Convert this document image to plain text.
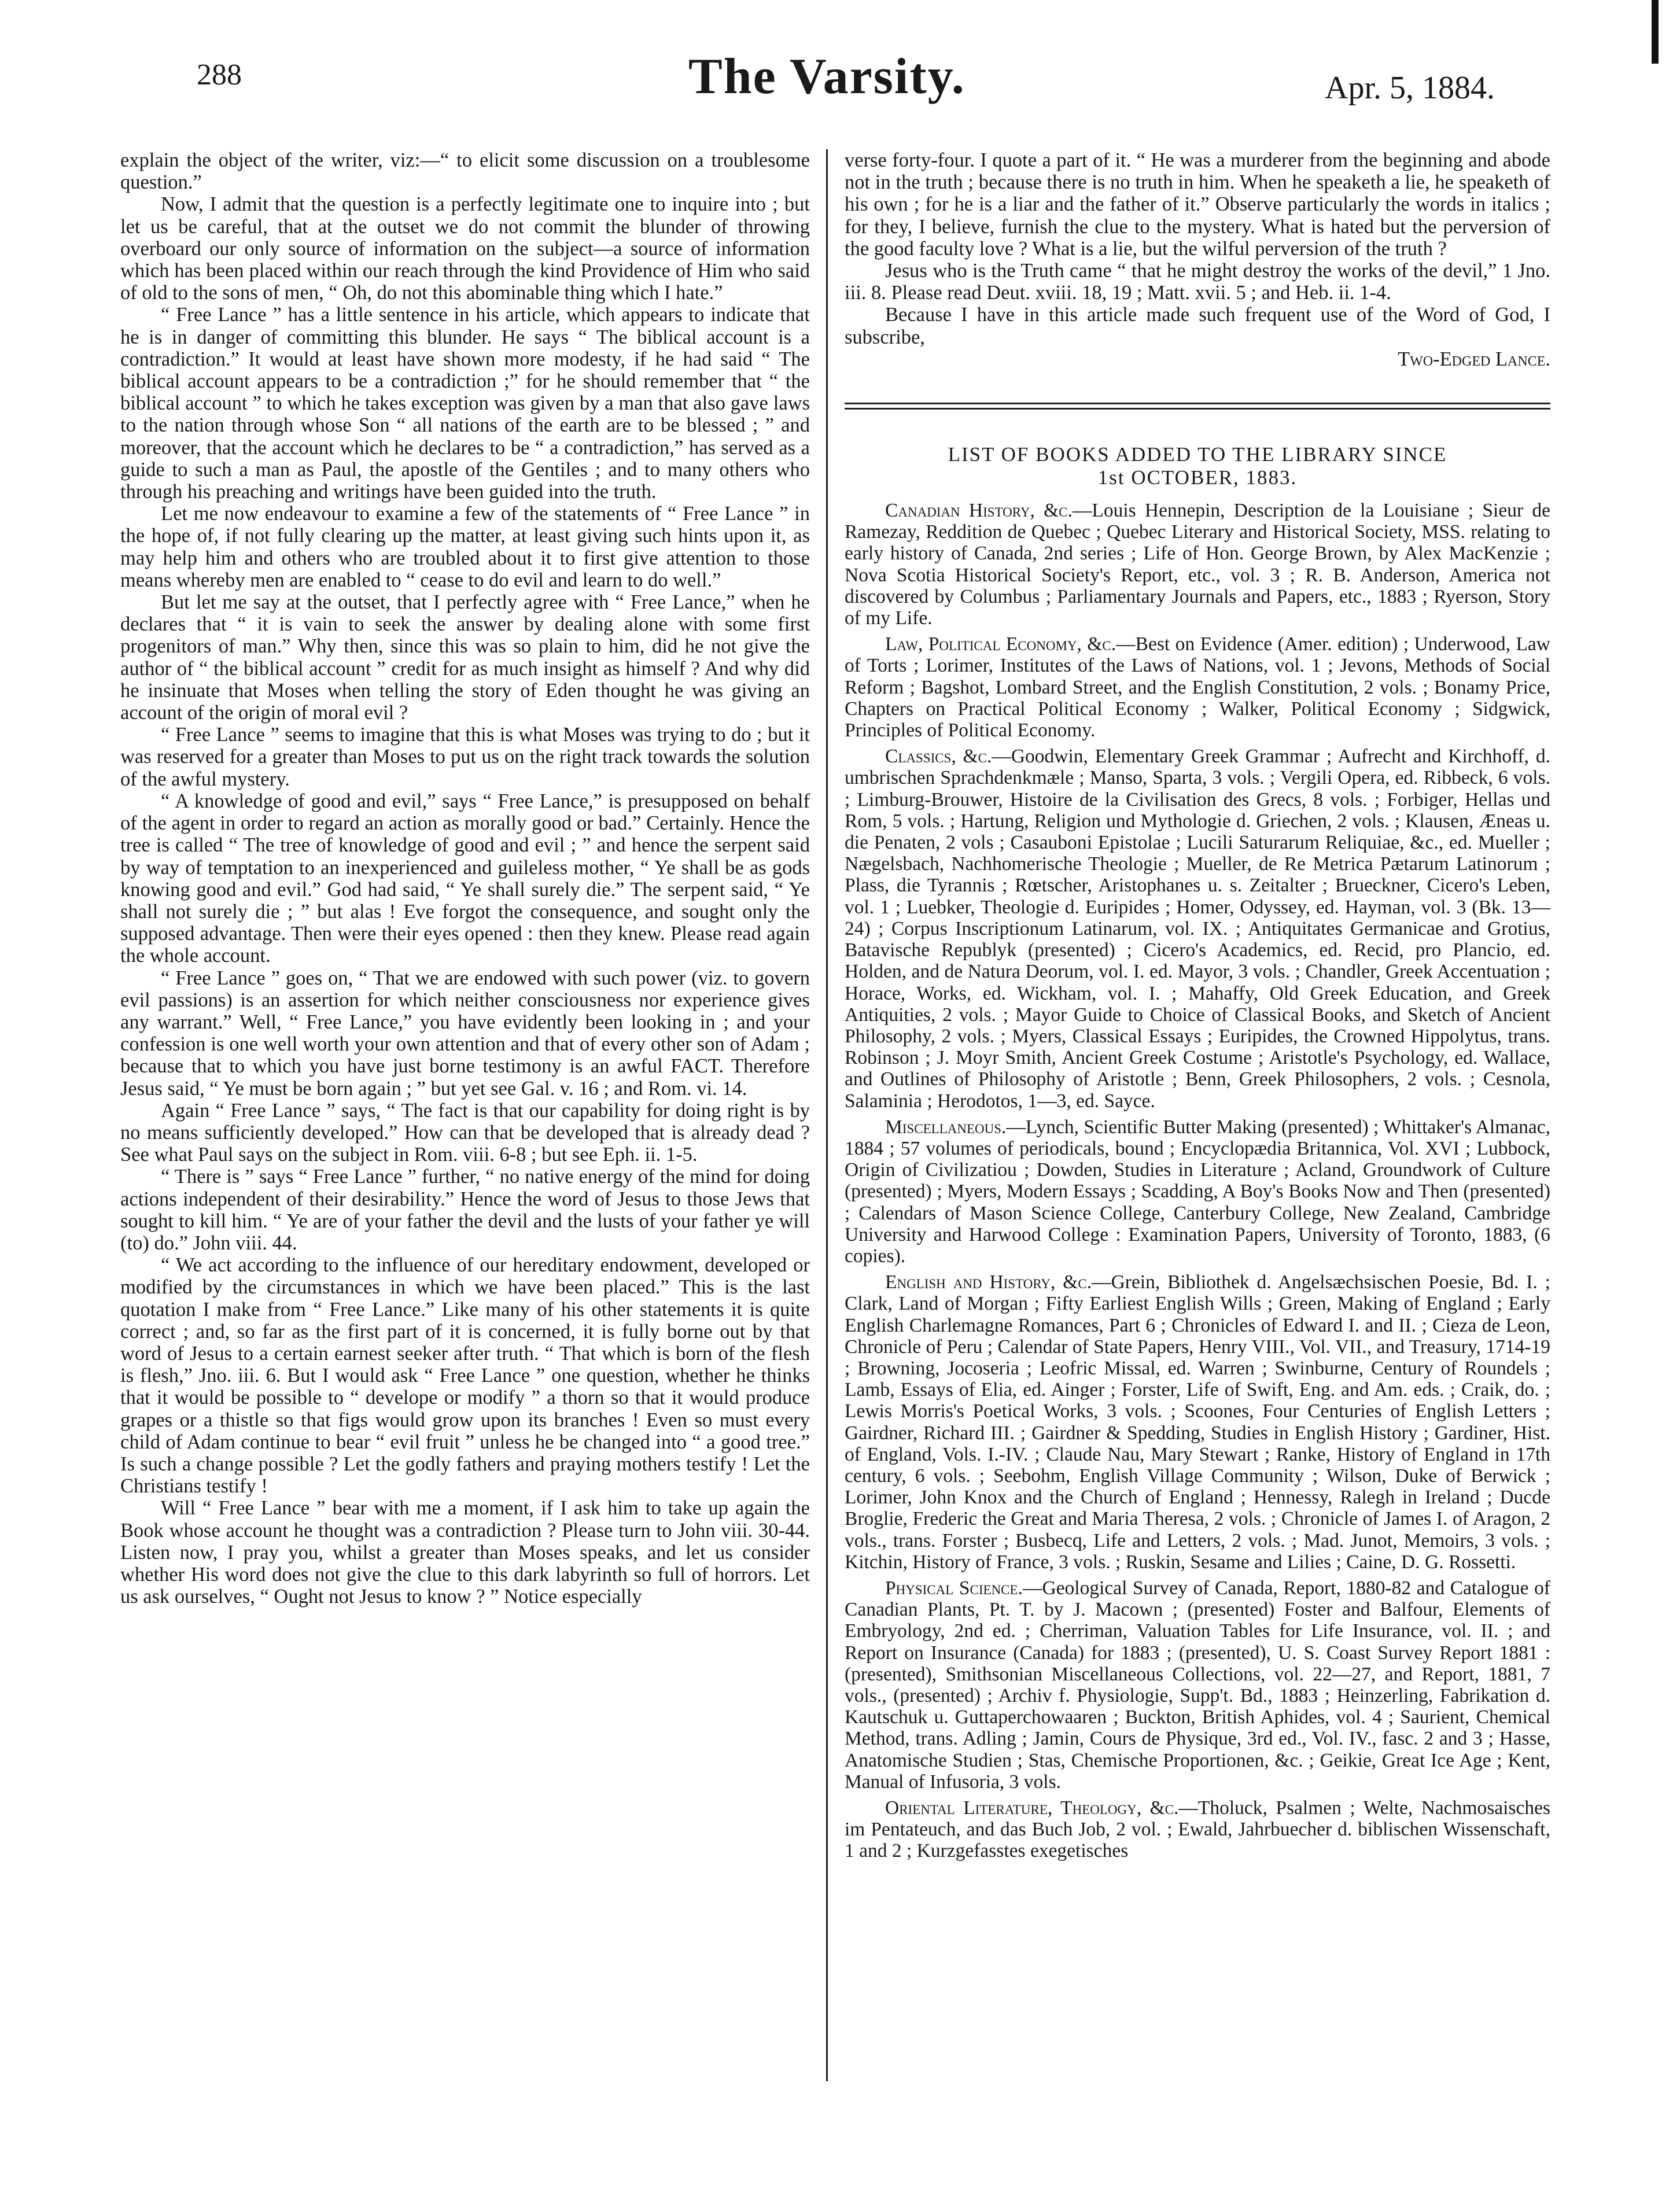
288	The Varsity.	Apr. 5, 1884.

explain the object of the writer, viz:—“ to elicit some discussion on a troublesome question.”

Now, I admit that the question is a perfectly legitimate one to inquire into ; but let us be careful, that at the outset we do not commit the blunder of throwing overboard our only source of information on the subject—a source of information which has been placed within our reach through the kind Providence of Him who said of old to the sons of men, “ Oh, do not this abominable thing which I hate.”

“ Free Lance ” has a little sentence in his article, which appears to indicate that he is in danger of committing this blunder. He says “ The biblical account is a contradiction.” It would at least have shown more modesty, if he had said “ The biblical account appears to be a contradiction ;” for he should remember that “ the biblical account ” to which he takes exception was given by a man that also gave laws to the nation through whose Son “ all nations of the earth are to be blessed ; ” and moreover, that the account which he declares to be “ a contradiction,” has served as a guide to such a man as Paul, the apostle of the Gentiles ; and to many others who through his preaching and writings have been guided into the truth.

Let me now endeavour to examine a few of the statements of “ Free Lance ” in the hope of, if not fully clearing up the matter, at least giving such hints upon it, as may help him and others who are troubled about it to first give attention to those means whereby men are enabled to “ cease to do evil and learn to do well.”

But let me say at the outset, that I perfectly agree with “ Free Lance,” when he declares that “ it is vain to seek the answer by dealing alone with some first progenitors of man.” Why then, since this was so plain to him, did he not give the author of “ the biblical account ” credit for as much insight as himself ? And why did he insinuate that Moses when telling the story of Eden thought he was giving an account of the origin of moral evil ?

“ Free Lance ” seems to imagine that this is what Moses was trying to do ; but it was reserved for a greater than Moses to put us on the right track towards the solution of the awful mystery.

“ A knowledge of good and evil,” says “ Free Lance,” is presupposed on behalf of the agent in order to regard an action as morally good or bad.” Certainly. Hence the tree is called “ The tree of knowledge of good and evil ; ” and hence the serpent said by way of temptation to an inexperienced and guileless mother, “ Ye shall be as gods knowing good and evil.” God had said, “ Ye shall surely die.” The serpent said, “ Ye shall not surely die ; ” but alas ! Eve forgot the consequence, and sought only the supposed advantage. Then were their eyes opened : then they knew. Please read again the whole account.

“ Free Lance ” goes on, “ That we are endowed with such power (viz. to govern evil passions) is an assertion for which neither consciousness nor experience gives any warrant.” Well, “ Free Lance,” you have evidently been looking in ; and your confession is one well worth your own attention and that of every other son of Adam ; because that to which you have just borne testimony is an awful FACT. Therefore Jesus said, “ Ye must be born again ; ” but yet see Gal. v. 16 ; and Rom. vi. 14.

Again “ Free Lance ” says, “ The fact is that our capability for doing right is by no means sufficiently developed.” How can that be developed that is already dead ? See what Paul says on the subject in Rom. viii. 6-8 ; but see Eph. ii. 1-5.

“ There is ” says “ Free Lance ” further, “ no native energy of the mind for doing actions independent of their desirability.” Hence the word of Jesus to those Jews that sought to kill him. “ Ye are of your father the devil and the lusts of your father ye will (to) do.” John viii. 44.

“ We act according to the influence of our hereditary endowment, developed or modified by the circumstances in which we have been placed.” This is the last quotation I make from “ Free Lance.” Like many of his other statements it is quite correct ; and, so far as the first part of it is concerned, it is fully borne out by that word of Jesus to a certain earnest seeker after truth. “ That which is born of the flesh is flesh,” Jno. iii. 6. But I would ask “ Free Lance ” one question, whether he thinks that it would be possible to “ develope or modify ” a thorn so that it would produce grapes or a thistle so that figs would grow upon its branches ! Even so must every child of Adam continue to bear “ evil fruit ” unless he be changed into “ a good tree.” Is such a change possible ? Let the godly fathers and praying mothers testify ! Let the Christians testify !

Will “ Free Lance ” bear with me a moment, if I ask him to take up again the Book whose account he thought was a contradiction ? Please turn to John viii. 30-44. Listen now, I pray you, whilst a greater than Moses speaks, and let us consider whether His word does not give the clue to this dark labyrinth so full of horrors. Let us ask ourselves, “ Ought not Jesus to know ? ” Notice especially

verse forty-four. I quote a part of it. “ He was a murderer from the beginning and abode not in the truth ; because there is no truth in him. When he speaketh a lie, he speaketh of his own ; for he is a liar and the father of it.” Observe particularly the words in italics ; for they, I believe, furnish the clue to the mystery. What is hated but the perversion of the good faculty love ? What is a lie, but the wilful perversion of the truth ?

Jesus who is the Truth came “ that he might destroy the works of the devil,” 1 Jno. iii. 8. Please read Deut. xviii. 18, 19 ; Matt. xvii. 5 ; and Heb. ii. 1-4.

Because I have in this article made such frequent use of the Word of God, I subscribe,
Two-Edged Lance.
LIST OF BOOKS ADDED TO THE LIBRARY SINCE
1st OCTOBER, 1883.

Canadian History, &c.—Louis Hennepin, Description de la Louisiane ; Sieur de Ramezay, Reddition de Quebec ; Quebec Literary and Historical Society, MSS. relating to early history of Canada, 2nd series ; Life of Hon. George Brown, by Alex MacKenzie ; Nova Scotia Historical Society's Report, etc., vol. 3 ; R. B. Anderson, America not discovered by Columbus ; Parliamentary Journals and Papers, etc., 1883 ; Ryerson, Story of my Life.

Law, Political Economy, &c.—Best on Evidence (Amer. edition) ; Underwood, Law of Torts ; Lorimer, Institutes of the Laws of Nations, vol. 1 ; Jevons, Methods of Social Reform ; Bagshot, Lombard Street, and the English Constitution, 2 vols. ; Bonamy Price, Chapters on Practical Political Economy ; Walker, Political Economy ; Sidgwick, Principles of Political Economy.

Classics, &c.—Goodwin, Elementary Greek Grammar ; Aufrecht and Kirchhoff, d. umbrischen Sprachdenkmæle ; Manso, Sparta, 3 vols. ; Vergili Opera, ed. Ribbeck, 6 vols. ; Limburg-Brouwer, Histoire de la Civilisation des Grecs, 8 vols. ; Forbiger, Hellas und Rom, 5 vols. ; Hartung, Religion und Mythologie d. Griechen, 2 vols. ; Klausen, Æneas u. die Penaten, 2 vols ; Casauboni Epistolae ; Lucili Saturarum Reliquiae, &c., ed. Mueller ; Nægelsbach, Nachhomerische Theologie ; Mueller, de Re Metrica Pætarum Latinorum ; Plass, die Tyrannis ; Rœtscher, Aristophanes u. s. Zeitalter ; Brueckner, Cicero's Leben, vol. 1 ; Luebker, Theologie d. Euripides ; Homer, Odyssey, ed. Hayman, vol. 3 (Bk. 13—24) ; Corpus Inscriptionum Latinarum, vol. IX. ; Antiquitates Germanicae and Grotius, Batavische Republyk (presented) ; Cicero's Academics, ed. Recid, pro Plancio, ed. Holden, and de Natura Deorum, vol. I. ed. Mayor, 3 vols. ; Chandler, Greek Accentuation ; Horace, Works, ed. Wickham, vol. I. ; Mahaffy, Old Greek Education, and Greek Antiquities, 2 vols. ; Mayor Guide to Choice of Classical Books, and Sketch of Ancient Philosophy, 2 vols. ; Myers, Classical Essays ; Euripides, the Crowned Hippolytus, trans. Robinson ; J. Moyr Smith, Ancient Greek Costume ; Aristotle's Psychology, ed. Wallace, and Outlines of Philosophy of Aristotle ; Benn, Greek Philosophers, 2 vols. ; Cesnola, Salaminia ; Herodotos, 1—3, ed. Sayce.

Miscellaneous.—Lynch, Scientific Butter Making (presented) ; Whittaker's Almanac, 1884 ; 57 volumes of periodicals, bound ; Encyclopædia Britannica, Vol. XVI ; Lubbock, Origin of Civilizatiou ; Dowden, Studies in Literature ; Acland, Groundwork of Culture (presented) ; Myers, Modern Essays ; Scadding, A Boy's Books Now and Then (presented) ; Calendars of Mason Science College, Canterbury College, New Zealand, Cambridge University and Harwood College : Examination Papers, University of Toronto, 1883, (6 copies).

English and History, &c.—Grein, Bibliothek d. Angelsæchsischen Poesie, Bd. I. ; Clark, Land of Morgan ; Fifty Earliest English Wills ; Green, Making of England ; Early English Charlemagne Romances, Part 6 ; Chronicles of Edward I. and II. ; Cieza de Leon, Chronicle of Peru ; Calendar of State Papers, Henry VIII., Vol. VII., and Treasury, 1714-19 ; Browning, Jocoseria ; Leofric Missal, ed. Warren ; Swinburne, Century of Roundels ; Lamb, Essays of Elia, ed. Ainger ; Forster, Life of Swift, Eng. and Am. eds. ; Craik, do. ; Lewis Morris's Poetical Works, 3 vols. ; Scoones, Four Centuries of English Letters ; Gairdner, Richard III. ; Gairdner & Spedding, Studies in English History ; Gardiner, Hist. of England, Vols. I.-IV. ; Claude Nau, Mary Stewart ; Ranke, History of England in 17th century, 6 vols. ; Seebohm, English Village Community ; Wilson, Duke of Berwick ; Lorimer, John Knox and the Church of England ; Hennessy, Ralegh in Ireland ; Ducde Broglie, Frederic the Great and Maria Theresa, 2 vols. ; Chronicle of James I. of Aragon, 2 vols., trans. Forster ; Busbecq, Life and Letters, 2 vols. ; Mad. Junot, Memoirs, 3 vols. ; Kitchin, History of France, 3 vols. ; Ruskin, Sesame and Lilies ; Caine, D. G. Rossetti.

Physical Science.—Geological Survey of Canada, Report, 1880-82 and Catalogue of Canadian Plants, Pt. T. by J. Macown ; (presented) Foster and Balfour, Elements of Embryology, 2nd ed. ; Cherriman, Valuation Tables for Life Insurance, vol. II. ; and Report on Insurance (Canada) for 1883 ; (presented), U. S. Coast Survey Report 1881 : (presented), Smithsonian Miscellaneous Collections, vol. 22—27, and Report, 1881, 7 vols., (presented) ; Archiv f. Physiologie, Supp't. Bd., 1883 ; Heinzerling, Fabrikation d. Kautschuk u. Guttaperchowaaren ; Buckton, British Aphides, vol. 4 ; Saurient, Chemical Method, trans. Adling ; Jamin, Cours de Physique, 3rd ed., Vol. IV., fasc. 2 and 3 ; Hasse, Anatomische Studien ; Stas, Chemische Proportionen, &c. ; Geikie, Great Ice Age ; Kent, Manual of Infusoria, 3 vols.

Oriental Literature, Theology, &c.—Tholuck, Psalmen ; Welte, Nachmosaisches im Pentateuch, and das Buch Job, 2 vol. ; Ewald, Jahrbuecher d. biblischen Wissenschaft, 1 and 2 ; Kurzgefasstes exegetisches
